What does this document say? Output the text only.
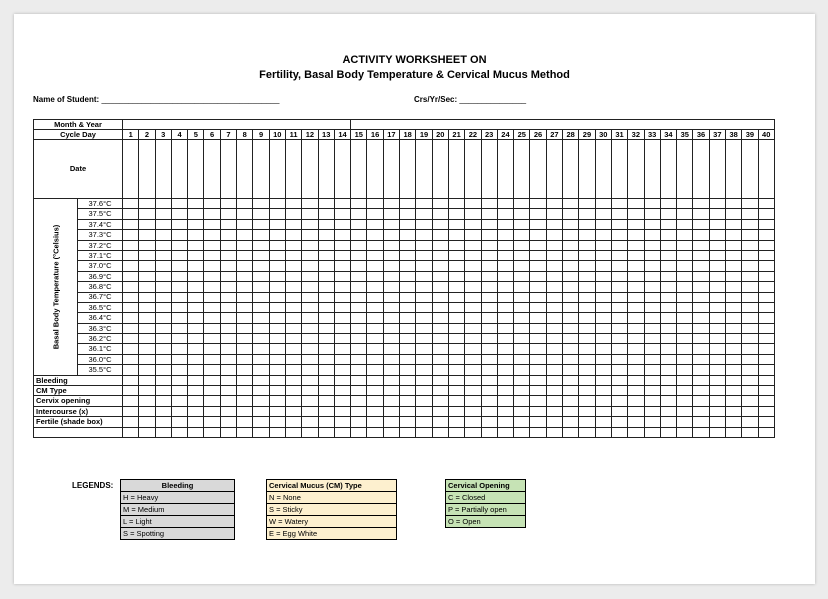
ACTIVITY WORKSHEET ON
Fertility, Basal Body Temperature & Cervical Mucus Method
Name of Student: ________________________________________	Crs/Yr/Sec: _______________
Month & Year																																									
Cycle Day		1	2	3	4	5	6	7	8	9	10	11	12	13	14	15	16	17	18	19	20	21	22	23	24	25	26	27	28	29	30	31	32	33	34	35	36	37	38	39	40
Date																																									

Basal Body Temperature (°Celsius)	37.6°C																																								
	37.5°C																																								
	37.4°C																																								
	37.3°C																																								
	37.2°C																																								
	37.1°C																																								
	37.0°C																																								
	36.9°C																																								
	36.8°C																																								
	36.7°C																																								
	36.5°C																																								
	36.4°C																																								
	36.3°C																																								
	36.2°C																																								
	36.1°C																																								
	36.0°C																																								
	35.5°C																																								
Bleeding																																									
CM Type																																									
Cervix opening																																									
Intercourse (x)																																									
Fertile (shade box)																																									

LEGENDS:	Bleeding
H = Heavy
M = Medium
L = Light
S = Spotting
Cervical Mucus (CM) Type
N = None
S = Sticky
W = Watery
E = Egg White
Cervical Opening
C = Closed
P = Partially open
O = Open
